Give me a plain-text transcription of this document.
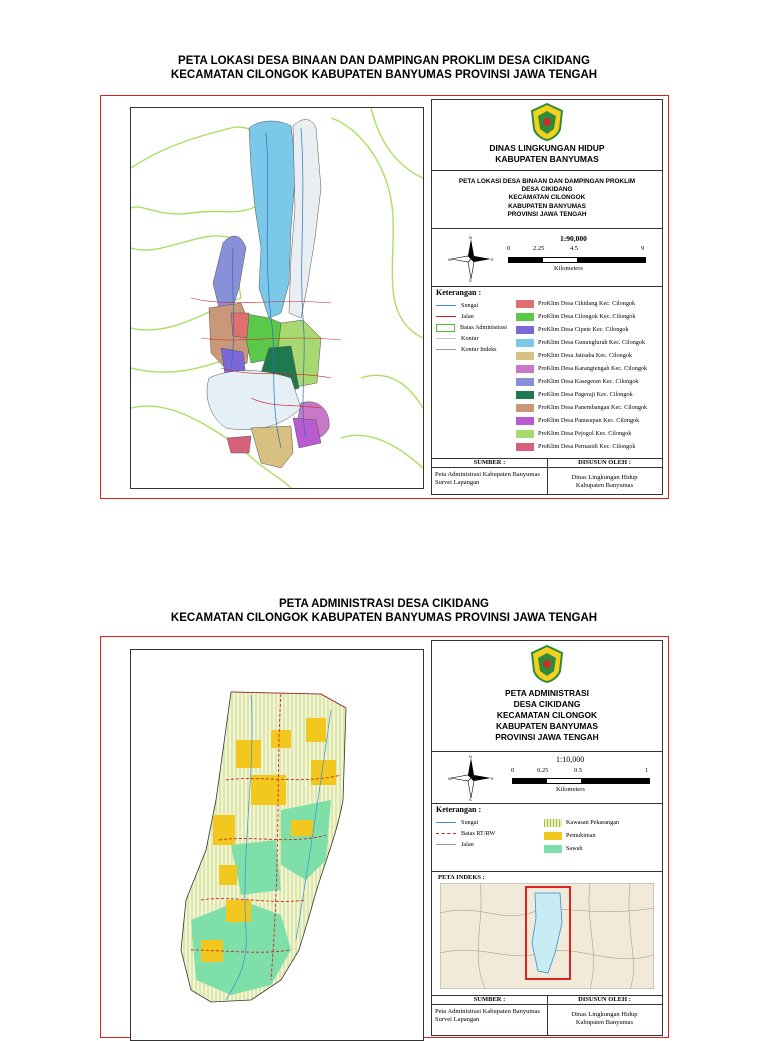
PETA LOKASI DESA BINAAN DAN DAMPINGAN PROKLIM DESA CIKIDANG
KECAMATAN CILONGOK KABUPATEN BANYUMAS PROVINSI JAWA TENGAH
DINAS LINGKUNGAN HIDUP
KABUPATEN BANYUMAS
PETA LOKASI DESA BINAAN DAN DAMPINGAN PROKLIM
DESA CIKIDANG
KECAMATAN CILONGOK
KABUPATEN BANYUMAS
PROVINSI JAWA TENGAH
N
S
E
W
1:90,000
0	2.25	4.5	9
Kilometers
Keterangan :
Sungai
Jalan
Batas Administrasi
Kontur
Kontur Indeks
ProKlim Desa Cikidang Kec. Cilongok
ProKlim Desa Cilongok Kec. Cilongok
ProKlim Desa Cipete Kec. Cilongok
ProKlim Desa Gununglurah Kec. Cilongok
ProKlim Desa Jatisaba Kec. Cilongok
ProKlim Desa Karangtengah Kec. Cilongok
ProKlim Desa Kasegeran Kec. Cilongok
ProKlim Desa Pageraji Kec. Cilongok
ProKlim Desa Panembangan Kec. Cilongok
ProKlim Desa Panusupan Kec. Cilongok
ProKlim Desa Pejogol Kec. Cilongok
ProKlim Desa Pernasidi Kec. Cilongok
SUMBER :
Peta Administrasi Kabupaten Banyumas
Survei Lapangan
DISUSUN OLEH :
Dinas Lingkungan Hidup
Kabupaten Banyumas
PETA ADMINISTRASI DESA CIKIDANG
KECAMATAN CILONGOK KABUPATEN BANYUMAS PROVINSI JAWA TENGAH
PETA ADMINISTRASI
DESA CIKIDANG
KECAMATAN CILONGOK
KABUPATEN BANYUMAS
PROVINSI JAWA TENGAH
N
S
E
W
1:10,000
0	0.25	0.5	1
Kilometers
Keterangan :
Sungai
Batas RT/RW
Jalan
Kawasan Pekarangan
Pemukiman
Sawah
PETA INDEKS :
SUMBER :
Peta Administrasi Kabupaten Banyumas
Survei Lapangan
DISUSUN OLEH :
Dinas Lingkungan Hidup
Kabupaten Banyumas
